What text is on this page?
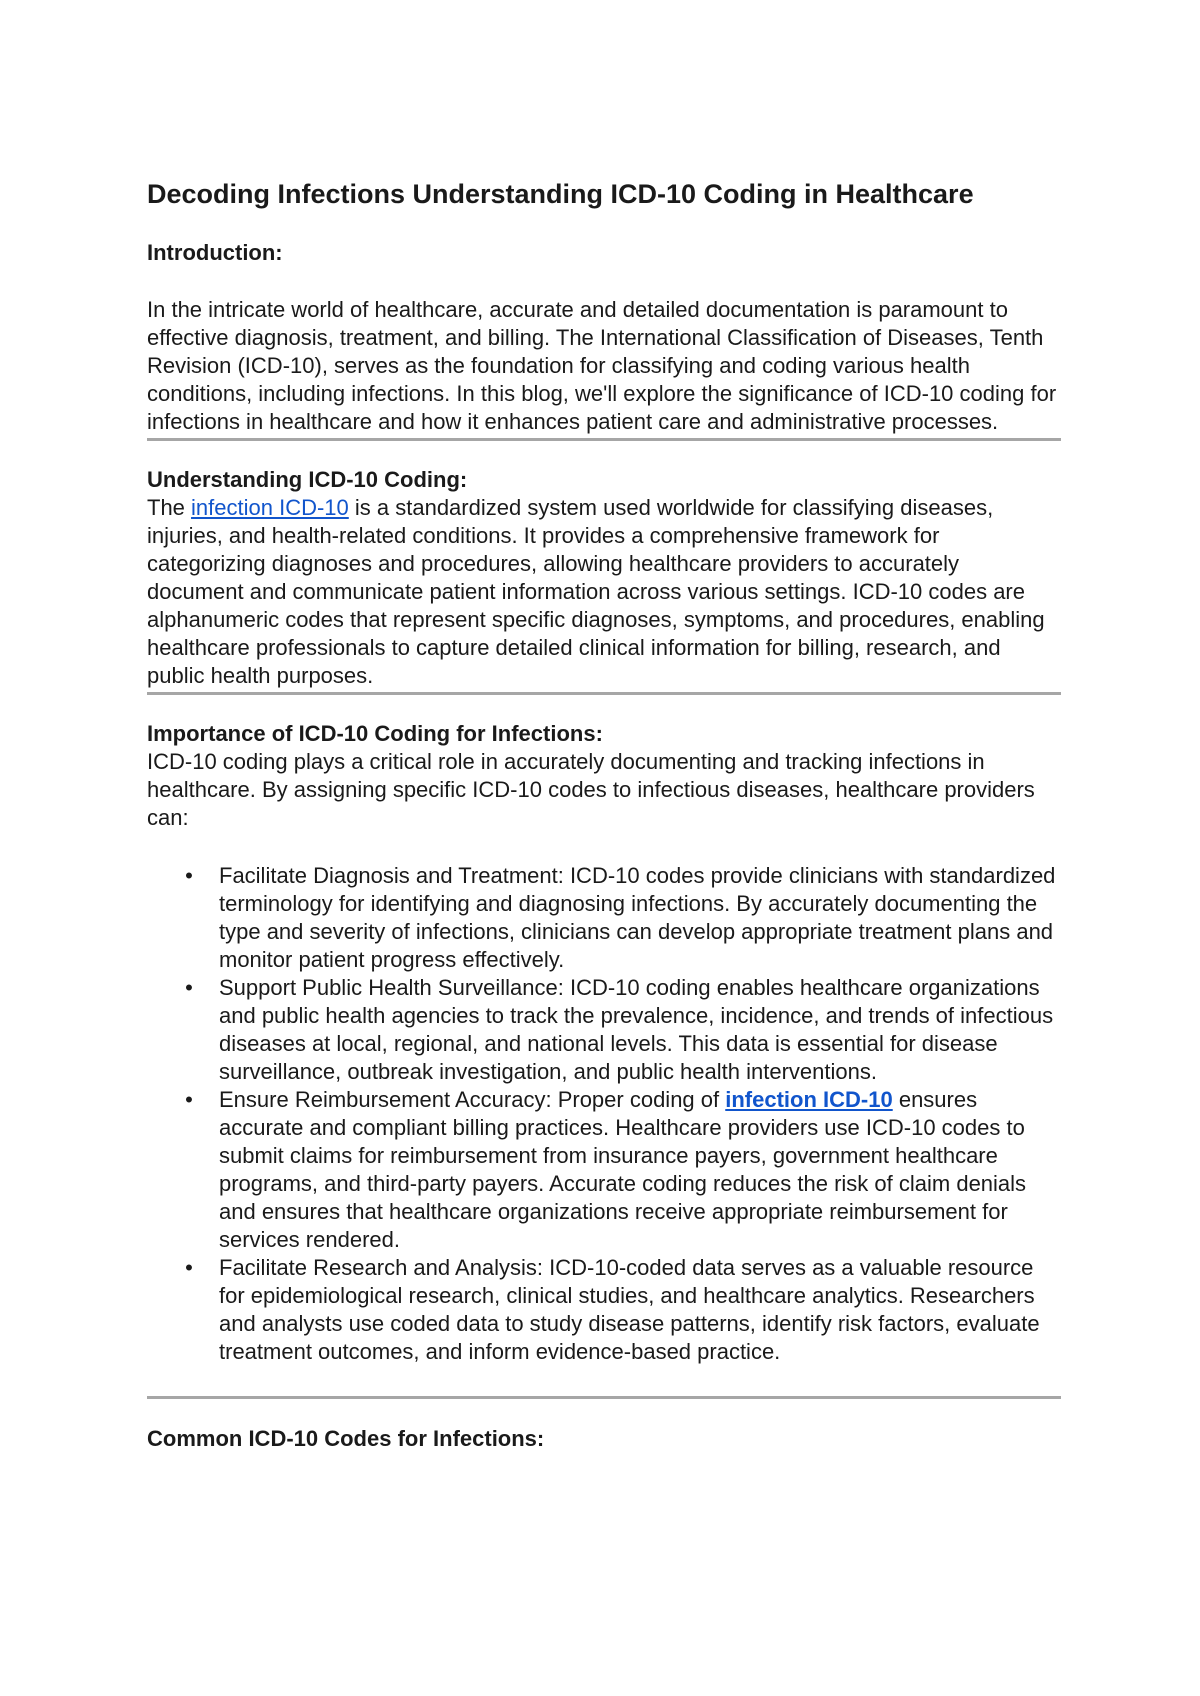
Decoding Infections Understanding ICD-10 Coding in Healthcare
Introduction:

In the intricate world of healthcare, accurate and detailed documentation is paramount to effective diagnosis, treatment, and billing. The International Classification of Diseases, Tenth Revision (ICD-10), serves as the foundation for classifying and coding various health conditions, including infections. In this blog, we'll explore the significance of ICD-10 coding for infections in healthcare and how it enhances patient care and administrative processes.

Understanding ICD-10 Coding:

The infection ICD-10 is a standardized system used worldwide for classifying diseases, injuries, and health-related conditions. It provides a comprehensive framework for categorizing diagnoses and procedures, allowing healthcare providers to accurately document and communicate patient information across various settings. ICD-10 codes are alphanumeric codes that represent specific diagnoses, symptoms, and procedures, enabling healthcare professionals to capture detailed clinical information for billing, research, and public health purposes.

Importance of ICD-10 Coding for Infections:

ICD-10 coding plays a critical role in accurately documenting and tracking infections in healthcare. By assigning specific ICD-10 codes to infectious diseases, healthcare providers can:

• Facilitate Diagnosis and Treatment: ICD-10 codes provide clinicians with standardized terminology for identifying and diagnosing infections. By accurately documenting the type and severity of infections, clinicians can develop appropriate treatment plans and monitor patient progress effectively.
• Support Public Health Surveillance: ICD-10 coding enables healthcare organizations and public health agencies to track the prevalence, incidence, and trends of infectious diseases at local, regional, and national levels. This data is essential for disease surveillance, outbreak investigation, and public health interventions.
• Ensure Reimbursement Accuracy: Proper coding of infection ICD-10 ensures accurate and compliant billing practices. Healthcare providers use ICD-10 codes to submit claims for reimbursement from insurance payers, government healthcare programs, and third-party payers. Accurate coding reduces the risk of claim denials and ensures that healthcare organizations receive appropriate reimbursement for services rendered.
• Facilitate Research and Analysis: ICD-10-coded data serves as a valuable resource for epidemiological research, clinical studies, and healthcare analytics. Researchers and analysts use coded data to study disease patterns, identify risk factors, evaluate treatment outcomes, and inform evidence-based practice.
Common ICD-10 Codes for Infections:
